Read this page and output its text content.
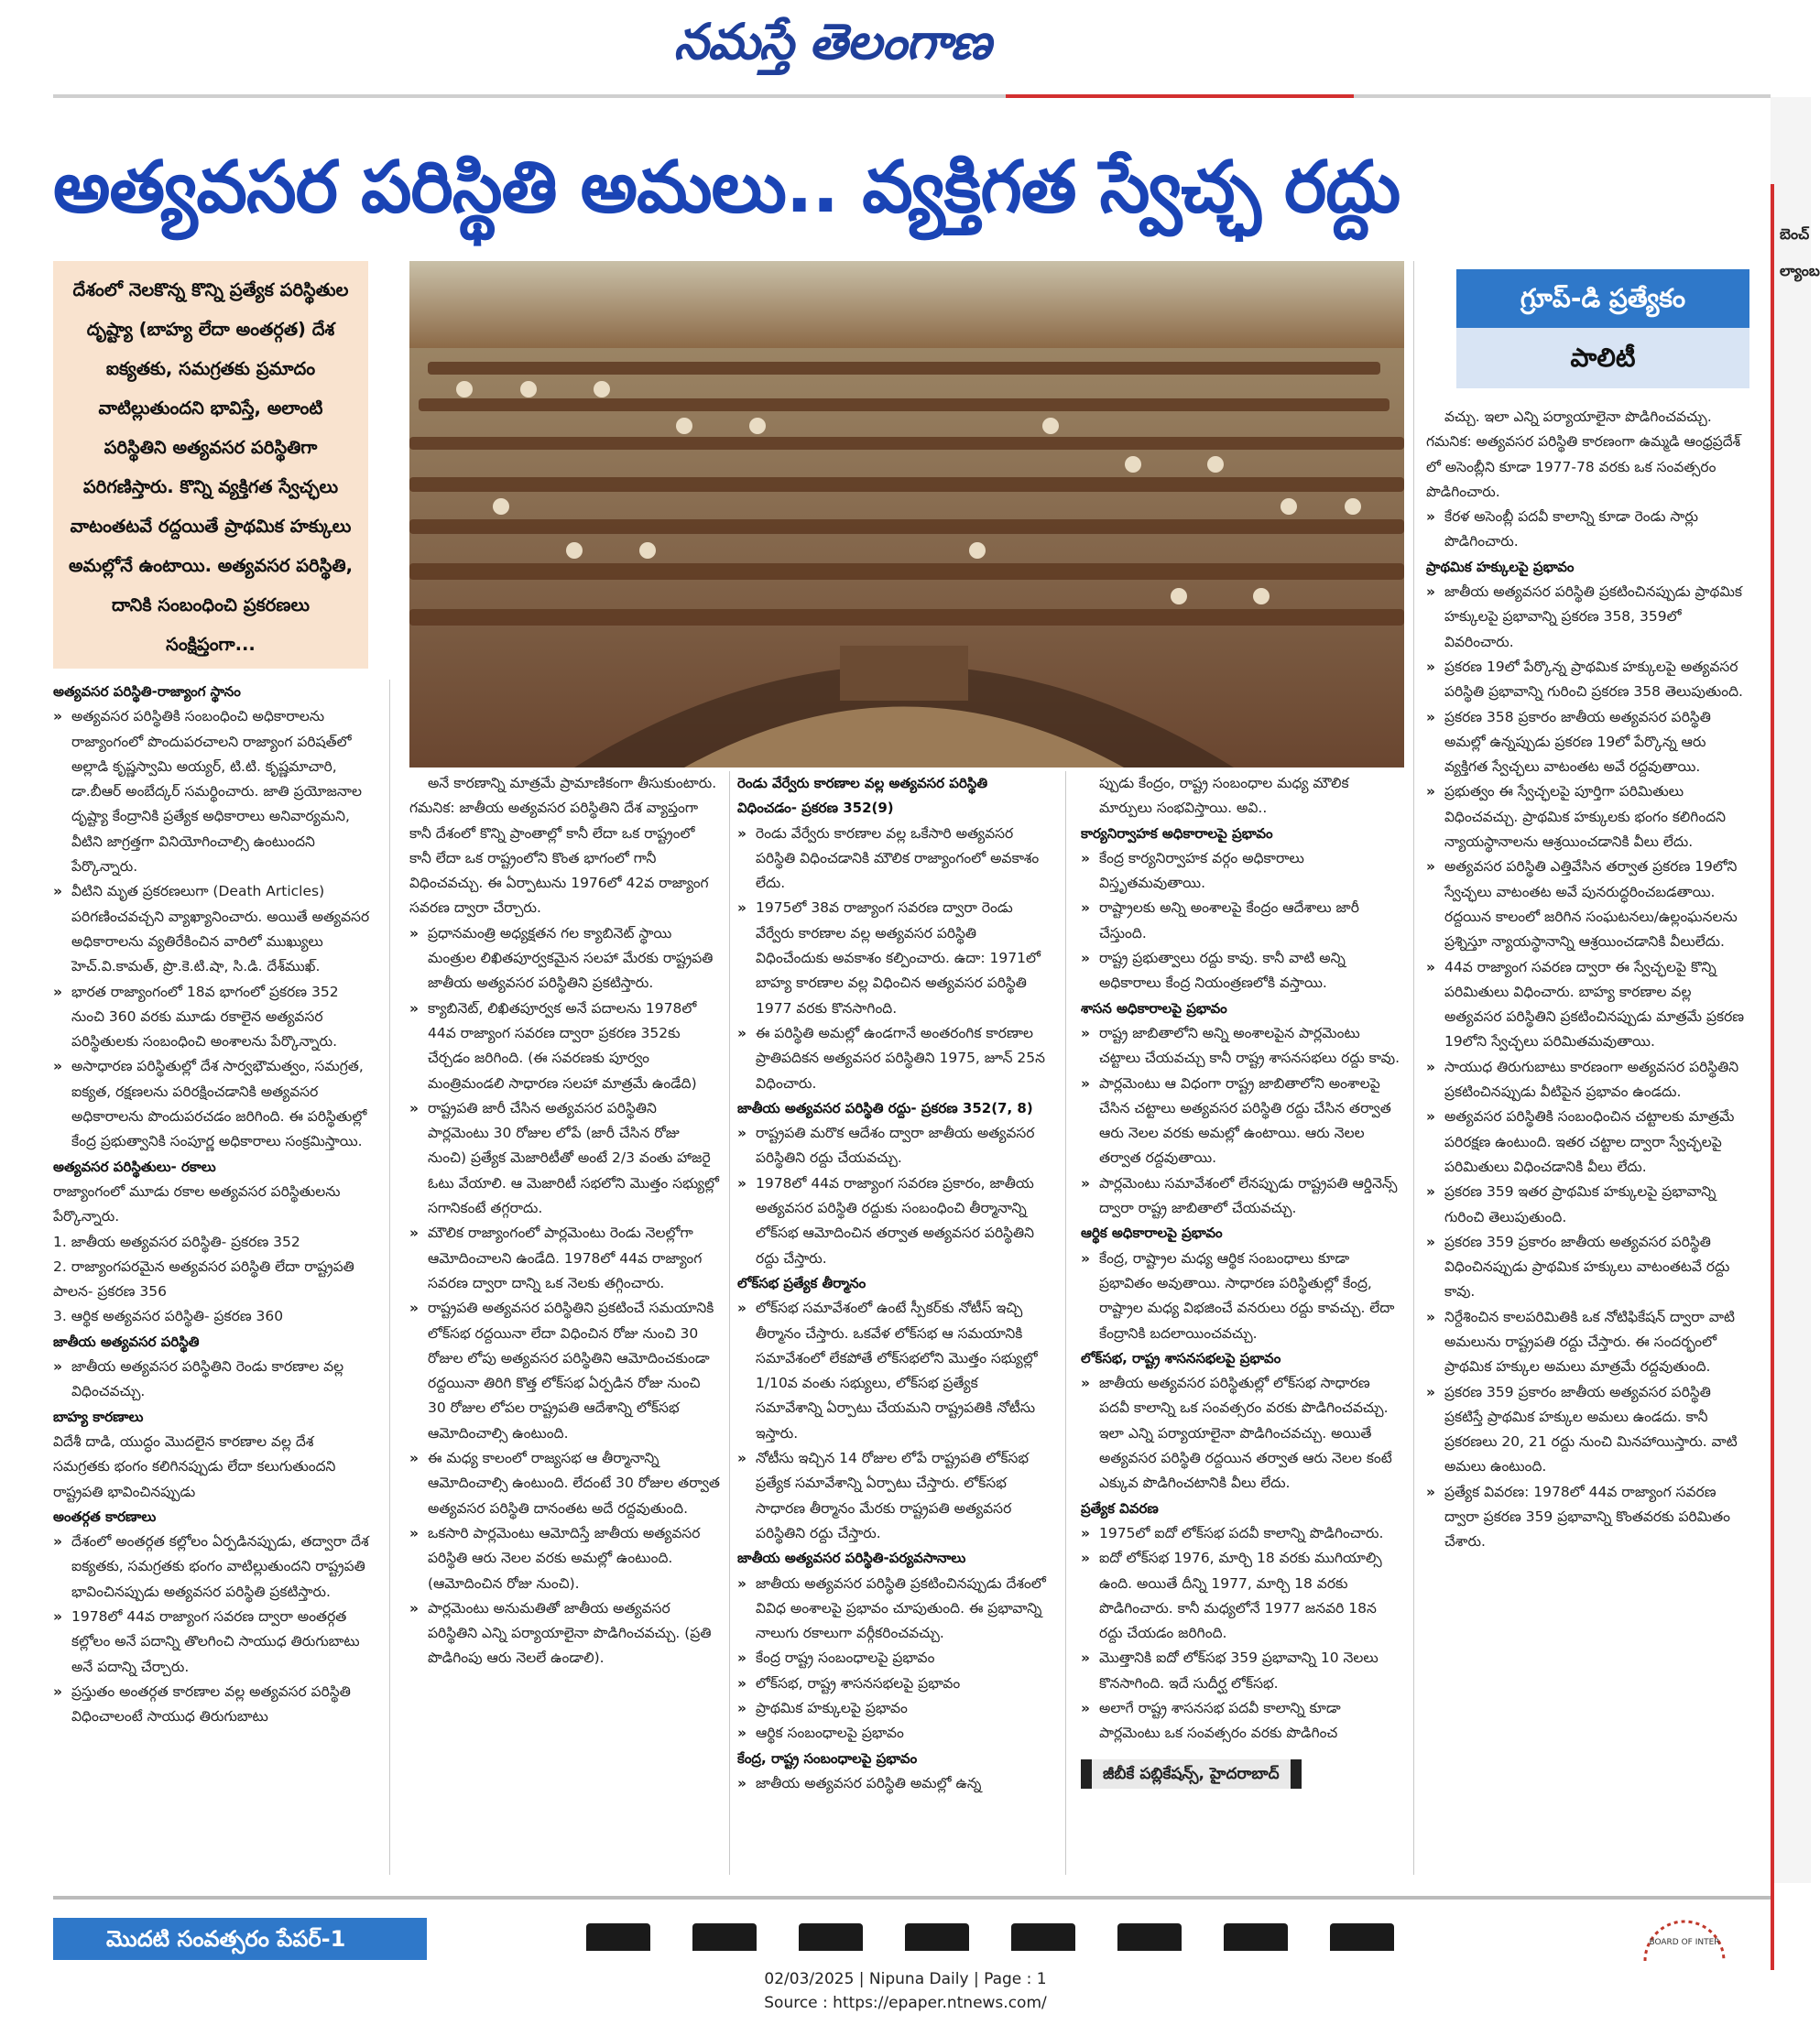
నమస్తే తెలంగాణ
అత్యవసర పరిస్థితి అమలు.. వ్యక్తిగత స్వేచ్ఛ రద్దు
దేశంలో నెలకొన్న కొన్ని ప్రత్యేక పరిస్థితుల దృష్ట్యా (బాహ్య లేదా అంతర్గత) దేశ ఐక్యతకు, సమగ్రతకు ప్రమాదం వాటిల్లుతుందని భావిస్తే, అలాంటి పరిస్థితిని అత్యవసర పరిస్థితిగా పరిగణిస్తారు. కొన్ని వ్యక్తిగత స్వేచ్ఛలు వాటంతటవే రద్దయితే ప్రాథమిక హక్కులు అమల్లోనే ఉంటాయి. అత్యవసర పరిస్థితి, దానికి సంబంధించి ప్రకరణలు సంక్షిప్తంగా...
గ్రూప్-డి ప్రత్యేకం
పాలిటీ
అత్యవసర పరిస్థితి-రాజ్యాంగ స్థానం
» అత్యవసర పరిస్థితికి సంబంధించి అధికారాలను రాజ్యాంగంలో పొందుపరచాలని రాజ్యాంగ పరిషత్‌లో అల్లాడి కృష్ణస్వామి అయ్యర్, టి.టి. కృష్ణమాచారి, డా.బీఆర్ అంబేద్కర్ సమర్థించారు. జాతి ప్రయోజనాల దృష్ట్యా కేంద్రానికి ప్రత్యేక అధికారాలు అనివార్యమని, వీటిని జాగ్రత్తగా వినియోగించాల్సి ఉంటుందని పేర్కొన్నారు.
» వీటిని మృత ప్రకరణలుగా (Death Articles) పరిగణించవచ్చని వ్యాఖ్యానించారు. అయితే అత్యవసర అధికారాలను వ్యతిరేకించిన వారిలో ముఖ్యులు హెచ్.వి.కామత్, ప్రొ.కె.టి.షా, సి.డి. దేశ్‌ముఖ్.
» భారత రాజ్యాంగంలో 18వ భాగంలో ప్రకరణ 352 నుంచి 360 వరకు మూడు రకాలైన అత్యవసర పరిస్థితులకు సంబంధించి అంశాలను పేర్కొన్నారు.
» అసాధారణ పరిస్థితుల్లో దేశ సార్వభౌమత్వం, సమగ్రత, ఐక్యత, రక్షణలను పరిరక్షించడానికి అత్యవసర అధికారాలను పొందుపరచడం జరిగింది. ఈ పరిస్థితుల్లో కేంద్ర ప్రభుత్వానికి సంపూర్ణ అధికారాలు సంక్రమిస్తాయి.
అత్యవసర పరిస్థితులు- రకాలు
రాజ్యాంగంలో మూడు రకాల అత్యవసర పరిస్థితులను పేర్కొన్నారు.
1. జాతీయ అత్యవసర పరిస్థితి- ప్రకరణ 352
2. రాజ్యాంగపరమైన అత్యవసర పరిస్థితి లేదా రాష్ట్రపతి పాలన- ప్రకరణ 356
3. ఆర్థిక అత్యవసర పరిస్థితి- ప్రకరణ 360
జాతీయ అత్యవసర పరిస్థితి
» జాతీయ అత్యవసర పరిస్థితిని రెండు కారణాల వల్ల విధించవచ్చు.
బాహ్య కారణాలు
విదేశీ దాడి, యుద్ధం మొదలైన కారణాల వల్ల దేశ సమగ్రతకు భంగం కలిగినప్పుడు లేదా కలుగుతుందని రాష్ట్రపతి భావించినప్పుడు
అంతర్గత కారణాలు
» దేశంలో అంతర్గత కల్లోలం ఏర్పడినప్పుడు, తద్వారా దేశ ఐక్యతకు, సమగ్రతకు భంగం వాటిల్లుతుందని రాష్ట్రపతి భావించినప్పుడు అత్యవసర పరిస్థితి ప్రకటిస్తారు.
» 1978లో 44వ రాజ్యాంగ సవరణ ద్వారా అంతర్గత కల్లోలం అనే పదాన్ని తొలగించి సాయుధ తిరుగుబాటు అనే పదాన్ని చేర్చారు.
» ప్రస్తుతం అంతర్గత కారణాల వల్ల అత్యవసర పరిస్థితి విధించాలంటే సాయుధ తిరుగుబాటు
అనే కారణాన్ని మాత్రమే ప్రామాణికంగా తీసుకుంటారు.
గమనిక: జాతీయ అత్యవసర పరిస్థితిని దేశ వ్యాప్తంగా కానీ దేశంలో కొన్ని ప్రాంతాల్లో కానీ లేదా ఒక రాష్ట్రంలో కానీ లేదా ఒక రాష్ట్రంలోని కొంత భాగంలో గానీ విధించవచ్చు. ఈ ఏర్పాటును 1976లో 42వ రాజ్యాంగ సవరణ ద్వారా చేర్చారు.
» ప్రధానమంత్రి అధ్యక్షతన గల క్యాబినెట్ స్థాయి మంత్రుల లిఖితపూర్వకమైన సలహా మేరకు రాష్ట్రపతి జాతీయ అత్యవసర పరిస్థితిని ప్రకటిస్తారు.
» క్యాబినెట్, లిఖితపూర్వక అనే పదాలను 1978లో 44వ రాజ్యాంగ సవరణ ద్వారా ప్రకరణ 352కు చేర్చడం జరిగింది. (ఈ సవరణకు పూర్వం మంత్రిమండలి సాధారణ సలహా మాత్రమే ఉండేది)
» రాష్ట్రపతి జారీ చేసిన అత్యవసర పరిస్థితిని పార్లమెంటు 30 రోజుల లోపే (జారీ చేసిన రోజు నుంచి) ప్రత్యేక మెజారిటీతో అంటే 2/3 వంతు హాజరై ఓటు వేయాలి. ఆ మెజారిటీ సభలోని మొత్తం సభ్యుల్లో సగానికంటే తగ్గరాదు.
» మౌలిక రాజ్యాంగంలో పార్లమెంటు రెండు నెలల్లోగా ఆమోదించాలని ఉండేది. 1978లో 44వ రాజ్యాంగ సవరణ ద్వారా దాన్ని ఒక నెలకు తగ్గించారు.
» రాష్ట్రపతి అత్యవసర పరిస్థితిని ప్రకటించే సమయానికి లోక్‌సభ రద్దయినా లేదా విధించిన రోజు నుంచి 30 రోజుల లోపు అత్యవసర పరిస్థితిని ఆమోదించకుండా రద్దయినా తిరిగి కొత్త లోక్‌సభ ఏర్పడిన రోజు నుంచి 30 రోజుల లోపల రాష్ట్రపతి ఆదేశాన్ని లోక్‌సభ ఆమోదించాల్సి ఉంటుంది.
» ఈ మధ్య కాలంలో రాజ్యసభ ఆ తీర్మానాన్ని ఆమోదించాల్సి ఉంటుంది. లేదంటే 30 రోజుల తర్వాత అత్యవసర పరిస్థితి దానంతట అదే రద్దవుతుంది.
» ఒకసారి పార్లమెంటు ఆమోదిస్తే జాతీయ అత్యవసర పరిస్థితి ఆరు నెలల వరకు అమల్లో ఉంటుంది. (ఆమోదించిన రోజు నుంచి).
» పార్లమెంటు అనుమతితో జాతీయ అత్యవసర పరిస్థితిని ఎన్ని పర్యాయాలైనా పొడిగించవచ్చు. (ప్రతి పొడిగింపు ఆరు నెలలే ఉండాలి).
రెండు వేర్వేరు కారణాల వల్ల అత్యవసర పరిస్థితి విధించడం- ప్రకరణ 352(9)
» రెండు వేర్వేరు కారణాల వల్ల ఒకేసారి అత్యవసర పరిస్థితి విధించడానికి మౌలిక రాజ్యాంగంలో అవకాశం లేదు.
» 1975లో 38వ రాజ్యాంగ సవరణ ద్వారా రెండు వేర్వేరు కారణాల వల్ల అత్యవసర పరిస్థితి విధించేందుకు అవకాశం కల్పించారు. ఉదా: 1971లో బాహ్య కారణాల వల్ల విధించిన అత్యవసర పరిస్థితి 1977 వరకు కొనసాగింది.
» ఈ పరిస్థితి అమల్లో ఉండగానే అంతరంగిక కారణాల ప్రాతిపదికన అత్యవసర పరిస్థితిని 1975, జూన్ 25న విధించారు.
జాతీయ అత్యవసర పరిస్థితి రద్దు- ప్రకరణ 352(7, 8)
» రాష్ట్రపతి మరొక ఆదేశం ద్వారా జాతీయ అత్యవసర పరిస్థితిని రద్దు చేయవచ్చు.
» 1978లో 44వ రాజ్యాంగ సవరణ ప్రకారం, జాతీయ అత్యవసర పరిస్థితి రద్దుకు సంబంధించి తీర్మానాన్ని లోక్‌సభ ఆమోదించిన తర్వాత అత్యవసర పరిస్థితిని రద్దు చేస్తారు.
లోక్‌సభ ప్రత్యేక తీర్మానం
» లోక్‌సభ సమావేశంలో ఉంటే స్పీకర్‌కు నోటీస్ ఇచ్చి తీర్మానం చేస్తారు. ఒకవేళ లోక్‌సభ ఆ సమయానికి సమావేశంలో లేకపోతే లోక్‌సభలోని మొత్తం సభ్యుల్లో 1/10వ వంతు సభ్యులు, లోక్‌సభ ప్రత్యేక సమావేశాన్ని ఏర్పాటు చేయమని రాష్ట్రపతికి నోటీసు ఇస్తారు.
» నోటీసు ఇచ్చిన 14 రోజుల లోపే రాష్ట్రపతి లోక్‌సభ ప్రత్యేక సమావేశాన్ని ఏర్పాటు చేస్తారు. లోక్‌సభ సాధారణ తీర్మానం మేరకు రాష్ట్రపతి అత్యవసర పరిస్థితిని రద్దు చేస్తారు.
జాతీయ అత్యవసర పరిస్థితి-పర్యవసానాలు
» జాతీయ అత్యవసర పరిస్థితి ప్రకటించినప్పుడు దేశంలో వివిధ అంశాలపై ప్రభావం చూపుతుంది. ఈ ప్రభావాన్ని నాలుగు రకాలుగా వర్గీకరించవచ్చు.
» కేంద్ర రాష్ట్ర సంబంధాలపై ప్రభావం
» లోక్‌సభ, రాష్ట్ర శాసనసభలపై ప్రభావం
» ప్రాథమిక హక్కులపై ప్రభావం
» ఆర్థిక సంబంధాలపై ప్రభావం
కేంద్ర, రాష్ట్ర సంబంధాలపై ప్రభావం
» జాతీయ అత్యవసర పరిస్థితి అమల్లో ఉన్న
ప్పుడు కేంద్రం, రాష్ట్ర సంబంధాల మధ్య మౌలిక మార్పులు సంభవిస్తాయి. అవి..
కార్యనిర్వాహక అధికారాలపై ప్రభావం
» కేంద్ర కార్యనిర్వాహక వర్గం అధికారాలు విస్తృతమవుతాయి.
» రాష్ట్రాలకు అన్ని అంశాలపై కేంద్రం ఆదేశాలు జారీ చేస్తుంది.
» రాష్ట్ర ప్రభుత్వాలు రద్దు కావు. కానీ వాటి అన్ని అధికారాలు కేంద్ర నియంత్రణలోకి వస్తాయి.
శాసన అధికారాలపై ప్రభావం
» రాష్ట్ర జాబితాలోని అన్ని అంశాలపైన పార్లమెంటు చట్టాలు చేయవచ్చు కానీ రాష్ట్ర శాసనసభలు రద్దు కావు.
» పార్లమెంటు ఆ విధంగా రాష్ట్ర జాబితాలోని అంశాలపై చేసిన చట్టాలు అత్యవసర పరిస్థితి రద్దు చేసిన తర్వాత ఆరు నెలల వరకు అమల్లో ఉంటాయి. ఆరు నెలల తర్వాత రద్దవుతాయి.
» పార్లమెంటు సమావేశంలో లేనప్పుడు రాష్ట్రపతి ఆర్డినెన్స్ ద్వారా రాష్ట్ర జాబితాలో చేయవచ్చు.
ఆర్థిక అధికారాలపై ప్రభావం
» కేంద్ర, రాష్ట్రాల మధ్య ఆర్థిక సంబంధాలు కూడా ప్రభావితం అవుతాయి. సాధారణ పరిస్థితుల్లో కేంద్ర, రాష్ట్రాల మధ్య విభజించే వనరులు రద్దు కావచ్చు. లేదా కేంద్రానికి బదలాయించవచ్చు.
లోక్‌సభ, రాష్ట్ర శాసనసభలపై ప్రభావం
» జాతీయ అత్యవసర పరిస్థితుల్లో లోక్‌సభ సాధారణ పదవీ కాలాన్ని ఒక సంవత్సరం వరకు పొడిగించవచ్చు. ఇలా ఎన్ని పర్యాయాలైనా పొడిగించవచ్చు. అయితే అత్యవసర పరిస్థితి రద్దయిన తర్వాత ఆరు నెలల కంటే ఎక్కువ పొడిగించటానికి వీలు లేదు.
ప్రత్యేక వివరణ
» 1975లో ఐదో లోక్‌సభ పదవీ కాలాన్ని పొడిగించారు.
» ఐదో లోక్‌సభ 1976, మార్చి 18 వరకు ముగియాల్సి ఉంది. అయితే దీన్ని 1977, మార్చి 18 వరకు పొడిగించారు. కానీ మధ్యలోనే 1977 జనవరి 18న రద్దు చేయడం జరిగింది.
» మొత్తానికి ఐదో లోక్‌సభ 359 ప్రభావాన్ని 10 నెలలు కొనసాగింది. ఇదే సుదీర్ఘ లోక్‌సభ.
» అలాగే రాష్ట్ర శాసనసభ పదవీ కాలాన్ని కూడా పార్లమెంటు ఒక సంవత్సరం వరకు పొడిగించ
జీబీకే పబ్లికేషన్స్, హైదరాబాద్
వచ్చు. ఇలా ఎన్ని పర్యాయాలైనా పొడిగించవచ్చు.
గమనిక: అత్యవసర పరిస్థితి కారణంగా ఉమ్మడి ఆంధ్రప్రదేశ్ లో అసెంబ్లీని కూడా 1977-78 వరకు ఒక సంవత్సరం పొడిగించారు.
» కేరళ అసెంబ్లీ పదవీ కాలాన్ని కూడా రెండు సార్లు పొడిగించారు.
ప్రాథమిక హక్కులపై ప్రభావం
» జాతీయ అత్యవసర పరిస్థితి ప్రకటించినప్పుడు ప్రాథమిక హక్కులపై ప్రభావాన్ని ప్రకరణ 358, 359లో వివరించారు.
» ప్రకరణ 19లో పేర్కొన్న ప్రాథమిక హక్కులపై అత్యవసర పరిస్థితి ప్రభావాన్ని గురించి ప్రకరణ 358 తెలుపుతుంది.
» ప్రకరణ 358 ప్రకారం జాతీయ అత్యవసర పరిస్థితి అమల్లో ఉన్నప్పుడు ప్రకరణ 19లో పేర్కొన్న ఆరు వ్యక్తిగత స్వేచ్ఛలు వాటంతట అవే రద్దవుతాయి.
» ప్రభుత్వం ఈ స్వేచ్ఛలపై పూర్తిగా పరిమితులు విధించవచ్చు. ప్రాథమిక హక్కులకు భంగం కలిగిందని న్యాయస్థానాలను ఆశ్రయించడానికి వీలు లేదు.
» అత్యవసర పరిస్థితి ఎత్తివేసిన తర్వాత ప్రకరణ 19లోని స్వేచ్ఛలు వాటంతట అవే పునరుద్ధరించబడతాయి. రద్దయిన కాలంలో జరిగిన సంఘటనలు/ఉల్లంఘనలను ప్రశ్నిస్తూ న్యాయస్థానాన్ని ఆశ్రయించడానికి వీలులేదు.
» 44వ రాజ్యాంగ సవరణ ద్వారా ఈ స్వేచ్ఛలపై కొన్ని పరిమితులు విధించారు. బాహ్య కారణాల వల్ల అత్యవసర పరిస్థితిని ప్రకటించినప్పుడు మాత్రమే ప్రకరణ 19లోని స్వేచ్ఛలు పరిమితమవుతాయి.
» సాయుధ తిరుగుబాటు కారణంగా అత్యవసర పరిస్థితిని ప్రకటించినప్పుడు వీటిపైన ప్రభావం ఉండదు.
» అత్యవసర పరిస్థితికి సంబంధించిన చట్టాలకు మాత్రమే పరిరక్షణ ఉంటుంది. ఇతర చట్టాల ద్వారా స్వేచ్ఛలపై పరిమితులు విధించడానికి వీలు లేదు.
» ప్రకరణ 359 ఇతర ప్రాథమిక హక్కులపై ప్రభావాన్ని గురించి తెలుపుతుంది.
» ప్రకరణ 359 ప్రకారం జాతీయ అత్యవసర పరిస్థితి విధించినప్పుడు ప్రాథమిక హక్కులు వాటంతటవే రద్దు కావు.
» నిర్దేశించిన కాలపరిమితికి ఒక నోటిఫికేషన్ ద్వారా వాటి అమలును రాష్ట్రపతి రద్దు చేస్తారు. ఈ సందర్భంలో ప్రాథమిక హక్కుల అమలు మాత్రమే రద్దవుతుంది.
» ప్రకరణ 359 ప్రకారం జాతీయ అత్యవసర పరిస్థితి ప్రకటిస్తే ప్రాథమిక హక్కుల అమలు ఉండదు. కానీ ప్రకరణలు 20, 21 రద్దు నుంచి మినహాయిస్తారు. వాటి అమలు ఉంటుంది.
» ప్రత్యేక వివరణ: 1978లో 44వ రాజ్యాంగ సవరణ ద్వారా ప్రకరణ 359 ప్రభావాన్ని కొంతవరకు పరిమితం చేశారు.
బెంచ్
ల్యాంబ
మొదటి సంవత్సరం పేపర్-1	BOARD OF INTER
02/03/2025 | Nipuna Daily | Page : 1
Source : https://epaper.ntnews.com/
